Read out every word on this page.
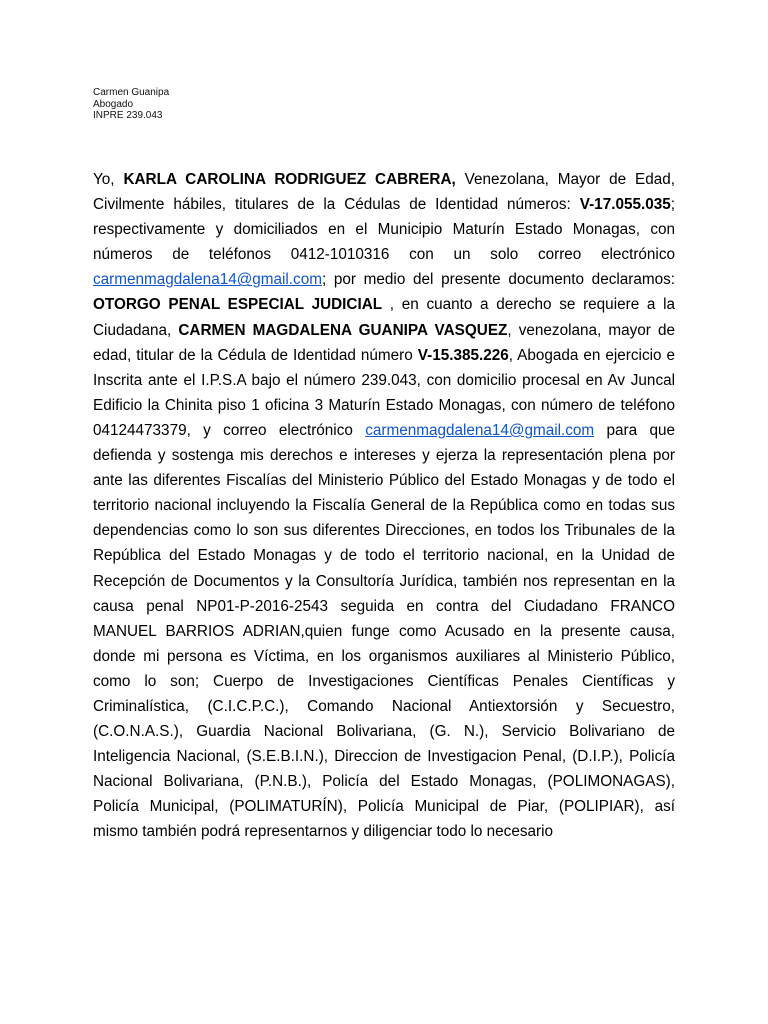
Carmen Guanipa
Abogado
INPRE 239.043
Yo, KARLA CAROLINA RODRIGUEZ CABRERA, Venezolana, Mayor de Edad,
Civilmente hábiles, titulares de la Cédulas de Identidad números: V-17.055.035;
respectivamente y domiciliados en el Municipio Maturín Estado Monagas, con
números de teléfonos 0412-1010316 con un solo correo electrónico
carmenmagdalena14@gmail.com; por medio del presente documento declaramos:
OTORGO PENAL ESPECIAL JUDICIAL , en cuanto a derecho se requiere a la
Ciudadana, CARMEN MAGDALENA GUANIPA VASQUEZ, venezolana, mayor de
edad, titular de la Cédula de Identidad número V-15.385.226, Abogada en ejercicio e
Inscrita ante el I.P.S.A bajo el número 239.043, con domicilio procesal en Av Juncal
Edificio la Chinita piso 1 oficina 3 Maturín Estado Monagas, con número de teléfono
04124473379, y correo electrónico carmenmagdalena14@gmail.com para que
defienda y sostenga mis derechos e intereses y ejerza la representación plena por
ante las diferentes Fiscalías del Ministerio Público del Estado Monagas y de todo el
territorio nacional incluyendo la Fiscalía General de la República como en todas sus
dependencias como lo son sus diferentes Direcciones, en todos los Tribunales de la
República del Estado Monagas y de todo el territorio nacional, en la Unidad de
Recepción de Documentos y la Consultoría Jurídica, también nos representan en la
causa penal NP01-P-2016-2543 seguida en contra del Ciudadano FRANCO
MANUEL BARRIOS ADRIAN,quien funge como Acusado en la presente causa,
donde mi persona es Víctima, en los organismos auxiliares al Ministerio Público,
como lo son; Cuerpo de Investigaciones Científicas Penales Científicas y
Criminalística, (C.I.C.P.C.), Comando Nacional Antiextorsión y Secuestro,
(C.O.N.A.S.), Guardia Nacional Bolivariana, (G. N.), Servicio Bolivariano de
Inteligencia Nacional, (S.E.B.I.N.), Direccion de Investigacion Penal, (D.I.P.), Policía
Nacional Bolivariana, (P.N.B.), Policía del Estado Monagas, (POLIMONAGAS),
Policía Municipal, (POLIMATURÍN), Policía Municipal de Piar, (POLIPIAR), así
mismo también podrá representarnos y diligenciar todo lo necesario
